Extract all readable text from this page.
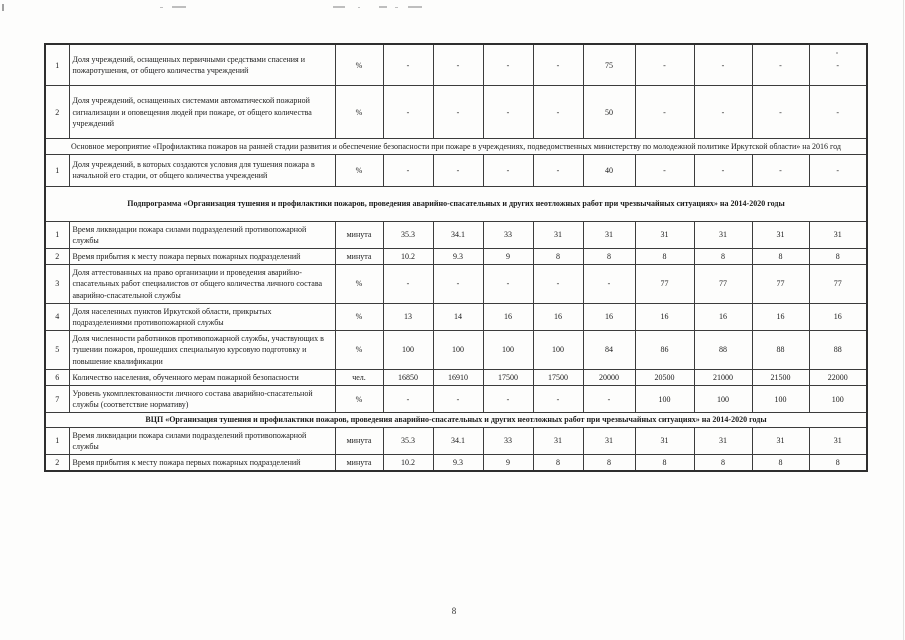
1	Доля учреждений, оснащенных первичными средствами спасения и пожаротушения, от общего количества учреждений	%	-	-	-	-	75	-	-	-	-
2	Доля учреждений, оснащенных системами автоматической пожарной сигнализации и оповещения людей при пожаре, от общего количества учреждений	%	-	-	-	-	50	-	-	-	-
Основное мероприятие «Профилактика пожаров на ранней стадии развития и обеспечение безопасности при пожаре в учреждениях, подведомственных министерству по молодежной политике Иркутской области» на 2016 год											
1	Доля учреждений, в которых создаются условия для тушения пожара в начальной его стадии, от общего количества учреждений	%	-	-	-	-	40	-	-	-	-
Подпрограмма «Организация тушения и профилактики пожаров, проведения аварийно-спасательных и других неотложных работ при чрезвычайных ситуациях» на 2014-2020 годы											
1	Время ликвидации пожара силами подразделений противопожарной службы	минута	35.3	34.1	33	31	31	31	31	31	31
2	Время прибытия к месту пожара первых пожарных подразделений	минута	10.2	9.3	9	8	8	8	8	8	8
3	Доля аттестованных на право организации и проведения аварийно-спасательных работ специалистов от общего количества личного состава аварийно-спасательной службы	%	-	-	-	-	-	77	77	77	77
4	Доля населенных пунктов Иркутской области, прикрытых подразделениями противопожарной службы	%	13	14	16	16	16	16	16	16	16
5	Доля численности работников противопожарной службы, участвующих в тушении пожаров, прошедших специальную курсовую подготовку и повышение квалификации	%	100	100	100	100	84	86	88	88	88
6	Количество населения, обученного мерам пожарной безопасности	чел.	16850	16910	17500	17500	20000	20500	21000	21500	22000
7	Уровень укомплектованности личного состава аварийно-спасательной службы (соответствие нормативу)	%	-	-	-	-	-	100	100	100	100
ВЦП «Организация тушения и профилактики пожаров, проведения аварийно-спасательных и других неотложных работ при чрезвычайных ситуациях» на 2014-2020 годы											
1	Время ликвидации пожара силами подразделений противопожарной службы	минута	35.3	34.1	33	31	31	31	31	31	31
2	Время прибытия к месту пожара первых пожарных подразделений	минута	10.2	9.3	9	8	8	8	8	8	8
8
